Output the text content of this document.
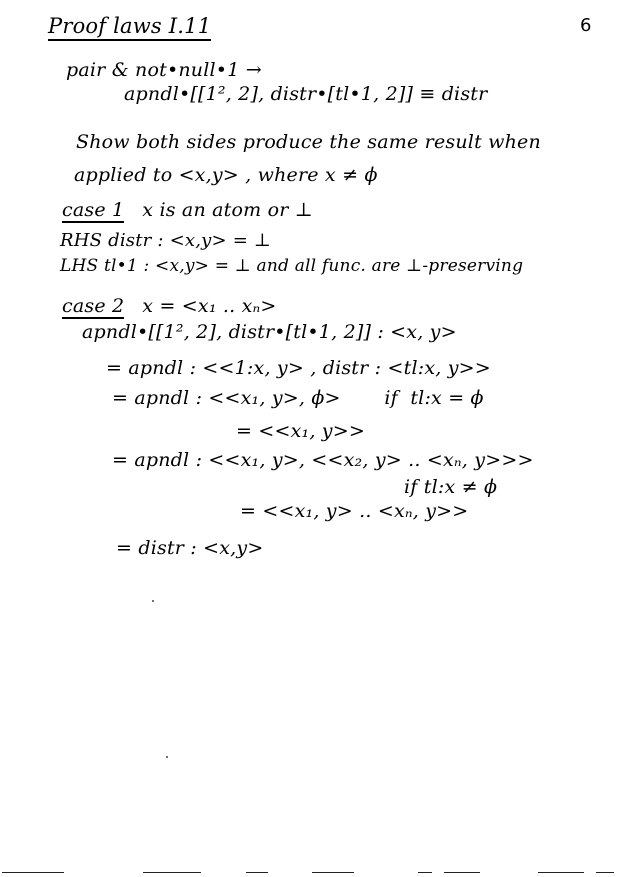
Proof laws I.11	6
pair & not•null•1 →
apndl•[[1², 2], distr•[tl•1, 2]] ≡ distr
Show both sides produce the same result when
applied to <x,y> , where x ≠ ϕ
case 1 x is an atom or ⊥
RHS distr : <x,y> = ⊥
LHS tl•1 : <x,y> = ⊥ and all func. are ⊥-preserving
case 2 x = <x₁ .. xₙ>
apndl•[[1², 2], distr•[tl•1, 2]] : <x, y>
= apndl : <<1:x, y> , distr : <tl:x, y>>
= apndl : <<x₁, y>, ϕ>       if  tl:x = ϕ
= <<x₁, y>>
= apndl : <<x₁, y>, <<x₂, y> .. <xₙ, y>>>
if tl:x ≠ ϕ
= <<x₁, y> .. <xₙ, y>>
= distr : <x,y>
